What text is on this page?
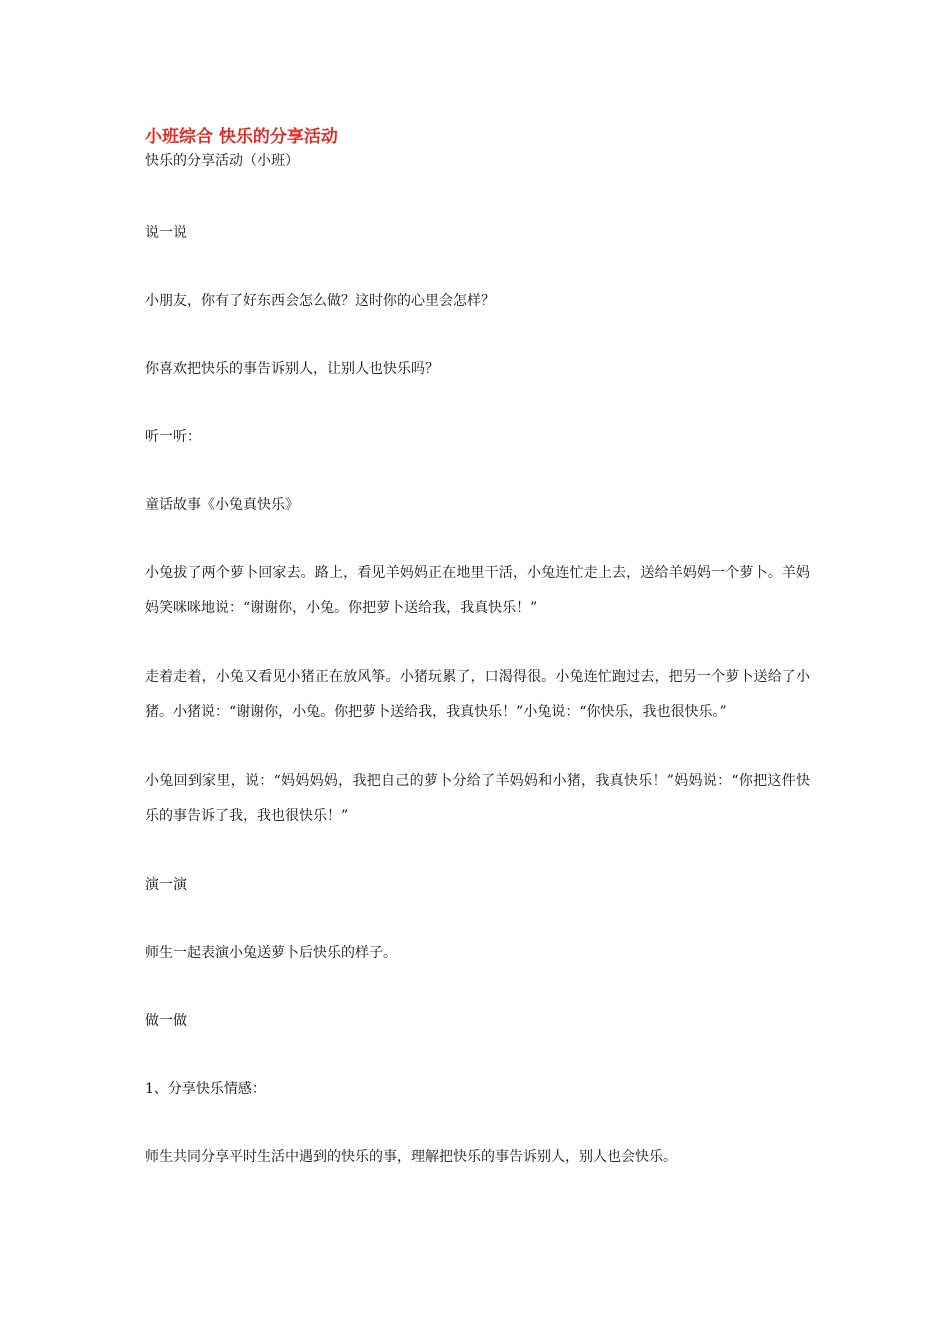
小班综合 快乐的分享活动

快乐的分享活动（小班）

说一说

小朋友，你有了好东西会怎么做？这时你的心里会怎样？

你喜欢把快乐的事告诉别人，让别人也快乐吗？

听一听：

童话故事《小兔真快乐》

小兔拔了两个萝卜回家去。路上，看见羊妈妈正在地里干活，小兔连忙走上去，送给羊妈妈一个萝卜。羊妈妈笑咪咪地说：“谢谢你，小兔。你把萝卜送给我，我真快乐！”

走着走着，小兔又看见小猪正在放风筝。小猪玩累了，口渴得很。小兔连忙跑过去，把另一个萝卜送给了小猪。小猪说：“谢谢你，小兔。你把萝卜送给我，我真快乐！”小兔说：“你快乐，我也很快乐。”

小兔回到家里，说：“妈妈妈妈，我把自己的萝卜分给了羊妈妈和小猪，我真快乐！”妈妈说：“你把这件快乐的事告诉了我，我也很快乐！”

演一演

师生一起表演小兔送萝卜后快乐的样子。

做一做

1、分享快乐情感：

师生共同分享平时生活中遇到的快乐的事，理解把快乐的事告诉别人，别人也会快乐。
